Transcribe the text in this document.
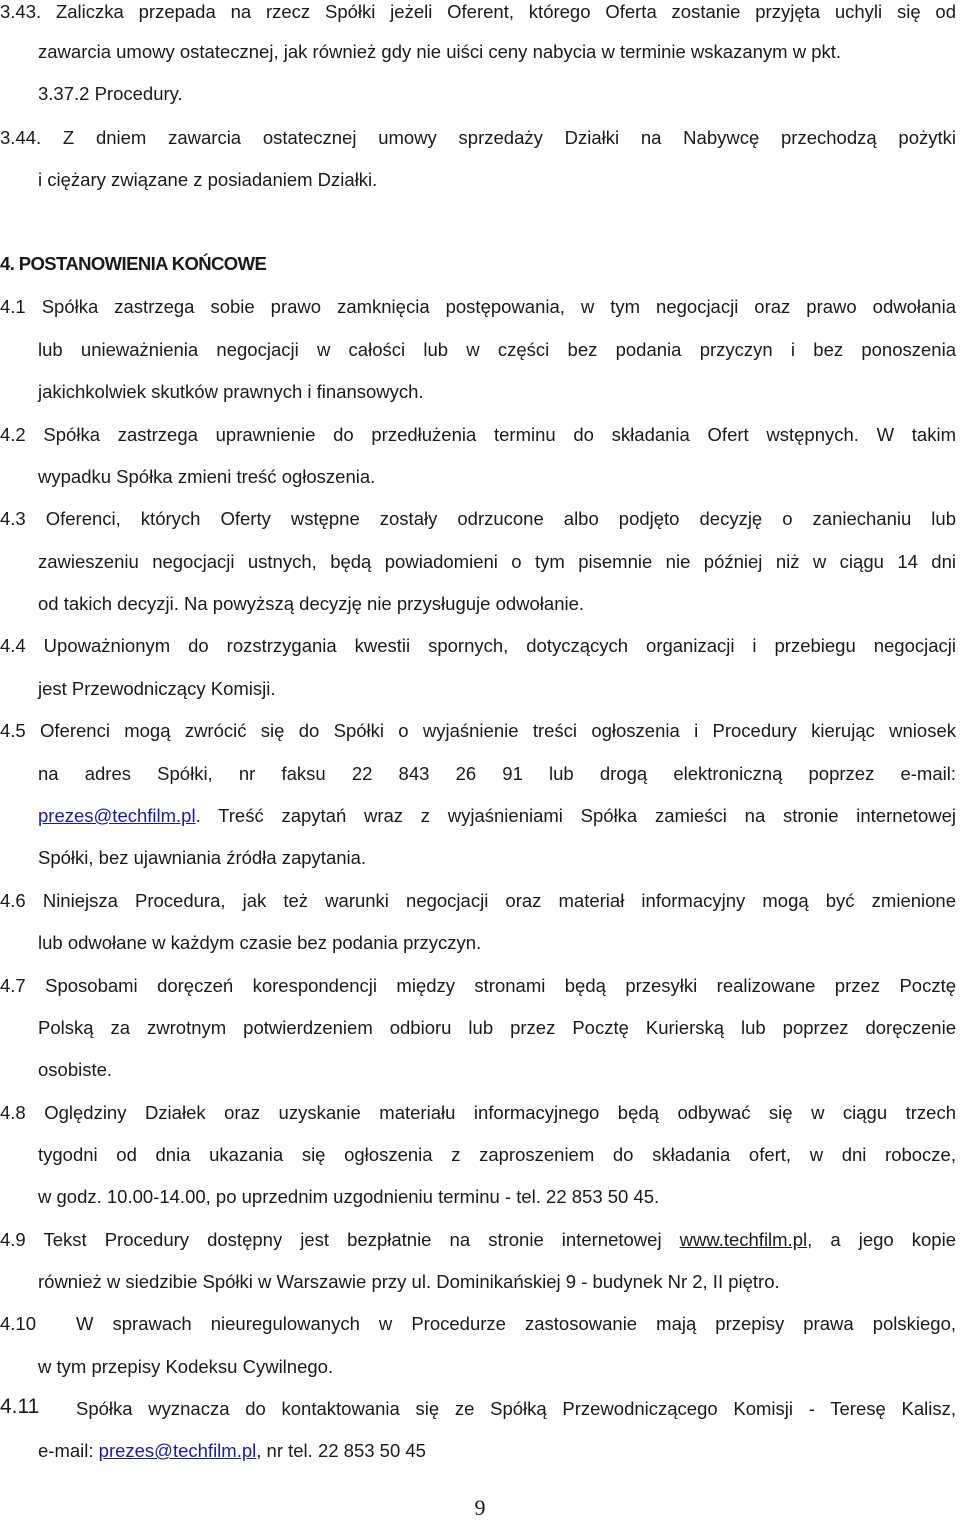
3.43. Zaliczka przepada na rzecz Spółki jeżeli Oferent, którego Oferta zostanie przyjęta uchyli się od
zawarcia umowy ostatecznej, jak również gdy nie uiści ceny nabycia w terminie wskazanym w pkt.
3.37.2 Procedury.
3.44. Z dniem zawarcia ostatecznej umowy sprzedaży Działki na Nabywcę przechodzą pożytki
i ciężary związane z posiadaniem Działki.
4. POSTANOWIENIA KOŃCOWE
4.1 Spółka zastrzega sobie prawo zamknięcia postępowania, w tym negocjacji oraz prawo odwołania
lub unieważnienia negocjacji w całości lub w części bez podania przyczyn i bez ponoszenia
jakichkolwiek skutków prawnych i finansowych.
4.2 Spółka zastrzega uprawnienie do przedłużenia terminu do składania Ofert wstępnych. W takim
wypadku Spółka zmieni treść ogłoszenia.
4.3 Oferenci, których Oferty wstępne zostały odrzucone albo podjęto decyzję o zaniechaniu lub
zawieszeniu negocjacji ustnych, będą powiadomieni o tym pisemnie nie później niż w ciągu 14 dni
od takich decyzji. Na powyższą decyzję nie przysługuje odwołanie.
4.4 Upoważnionym do rozstrzygania kwestii spornych, dotyczących organizacji i przebiegu negocjacji
jest Przewodniczący Komisji.
4.5 Oferenci mogą zwrócić się do Spółki o wyjaśnienie treści ogłoszenia i Procedury kierując wniosek
na adres Spółki, nr faksu 22 843 26 91 lub drogą elektroniczną poprzez e-mail:
prezes@techfilm.pl. Treść zapytań wraz z wyjaśnieniami Spółka zamieści na stronie internetowej
Spółki, bez ujawniania źródła zapytania.
4.6 Niniejsza Procedura, jak też warunki negocjacji oraz materiał informacyjny mogą być zmienione
lub odwołane w każdym czasie bez podania przyczyn.
4.7 Sposobami doręczeń korespondencji między stronami będą przesyłki realizowane przez Pocztę
Polską za zwrotnym potwierdzeniem odbioru lub przez Pocztę Kurierską lub poprzez doręczenie
osobiste.
4.8 Oględziny Działek oraz uzyskanie materiału informacyjnego będą odbywać się w ciągu trzech
tygodni od dnia ukazania się ogłoszenia z zaproszeniem do składania ofert, w dni robocze,
w godz. 10.00-14.00, po uprzednim uzgodnieniu terminu - tel. 22 853 50 45.
4.9 Tekst Procedury dostępny jest bezpłatnie na stronie internetowej www.techfilm.pl, a jego kopie
również w siedzibie Spółki w Warszawie przy ul. Dominikańskiej 9 - budynek Nr 2, II piętro.
4.10 W sprawach nieuregulowanych w Procedurze zastosowanie mają przepisy prawa polskiego,
w tym przepisy Kodeksu Cywilnego.
4.11 Spółka wyznacza do kontaktowania się ze Spółką Przewodniczącego Komisji - Teresę Kalisz,
e-mail: prezes@techfilm.pl, nr tel. 22 853 50 45
9
